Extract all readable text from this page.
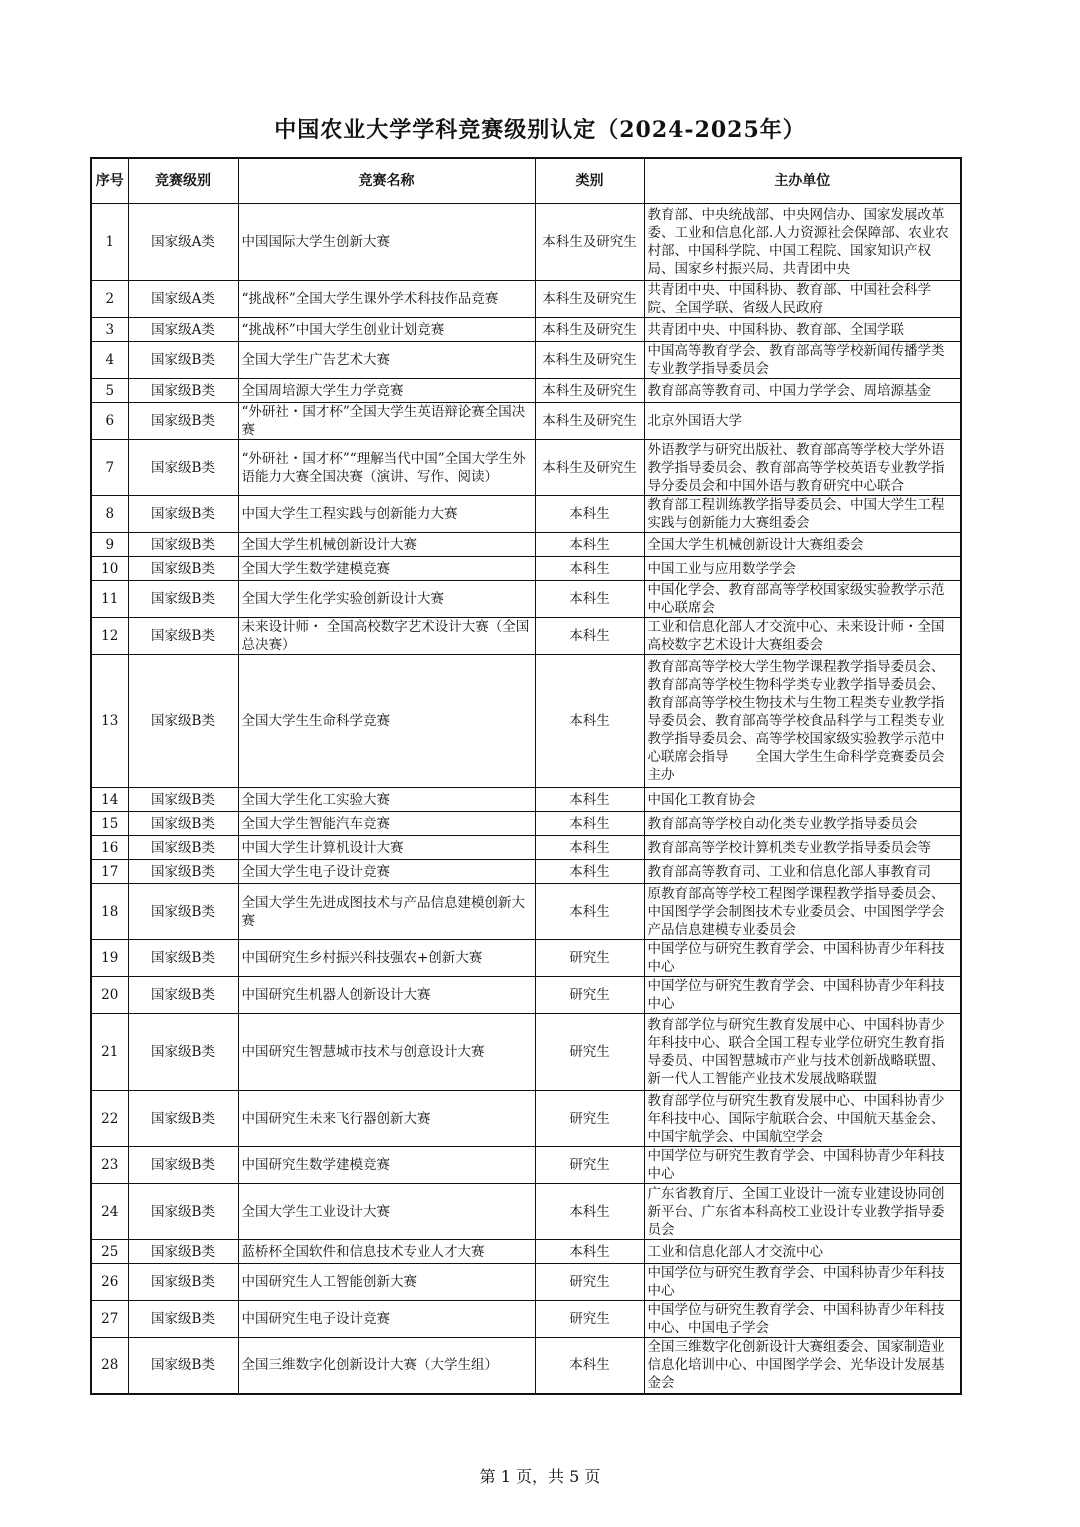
中国农业大学学科竞赛级别认定（2024-2025年）
序号	竞赛级别	竞赛名称	类别	主办单位
1	国家级A类	中国国际大学生创新大赛	本科生及研究生	教育部、中央统战部、中央网信办、国家发展改革委、工业和信息化部.人力资源社会保障部、农业农村部、中国科学院、中国工程院、国家知识产权局、国家乡村振兴局、共青团中央
2	国家级A类	“挑战杯”全国大学生课外学术科技作品竞赛	本科生及研究生	共青团中央、中国科协、教育部、中国社会科学院、全国学联、省级人民政府
3	国家级A类	“挑战杯”中国大学生创业计划竞赛	本科生及研究生	共青团中央、中国科协、教育部、全国学联
4	国家级B类	全国大学生广告艺术大赛	本科生及研究生	中国高等教育学会、教育部高等学校新闻传播学类专业教学指导委员会
5	国家级B类	全国周培源大学生力学竞赛	本科生及研究生	教育部高等教育司、中国力学学会、周培源基金
6	国家级B类	“外研社・国才杯”全国大学生英语辩论赛全国决赛	本科生及研究生	北京外国语大学
7	国家级B类	“外研社・国才杯”“理解当代中国”全国大学生外语能力大赛全国决赛（演讲、写作、阅读）	本科生及研究生	外语教学与研究出版社、教育部高等学校大学外语教学指导委员会、教育部高等学校英语专业教学指导分委员会和中国外语与教育研究中心联合
8	国家级B类	中国大学生工程实践与创新能力大赛	本科生	教育部工程训练教学指导委员会、中国大学生工程实践与创新能力大赛组委会
9	国家级B类	全国大学生机械创新设计大赛	本科生	全国大学生机械创新设计大赛组委会
10	国家级B类	全国大学生数学建模竞赛	本科生	中国工业与应用数学学会
11	国家级B类	全国大学生化学实验创新设计大赛	本科生	中国化学会、教育部高等学校国家级实验教学示范中心联席会
12	国家级B类	未来设计师・ 全国高校数字艺术设计大赛（全国总决赛）	本科生	工业和信息化部人才交流中心、未来设计师・全国高校数字艺术设计大赛组委会
13	国家级B类	全国大学生生命科学竞赛	本科生	教育部高等学校大学生物学课程教学指导委员会、教育部高等学校生物科学类专业教学指导委员会、教育部高等学校生物技术与生物工程类专业教学指导委员会、教育部高等学校食品科学与工程类专业教学指导委员会、高等学校国家级实验教学示范中心联席会指导　　全国大学生生命科学竞赛委员会主办
14	国家级B类	全国大学生化工实验大赛	本科生	中国化工教育协会
15	国家级B类	全国大学生智能汽车竞赛	本科生	教育部高等学校自动化类专业教学指导委员会
16	国家级B类	中国大学生计算机设计大赛	本科生	教育部高等学校计算机类专业教学指导委员会等
17	国家级B类	全国大学生电子设计竞赛	本科生	教育部高等教育司、工业和信息化部人事教育司
18	国家级B类	全国大学生先进成图技术与产品信息建模创新大赛	本科生	原教育部高等学校工程图学课程教学指导委员会、中国图学学会制图技术专业委员会、中国图学学会产品信息建模专业委员会
19	国家级B类	中国研究生乡村振兴科技强农+创新大赛	研究生	中国学位与研究生教育学会、中国科协青少年科技中心
20	国家级B类	中国研究生机器人创新设计大赛	研究生	中国学位与研究生教育学会、中国科协青少年科技中心
21	国家级B类	中国研究生智慧城市技术与创意设计大赛	研究生	教育部学位与研究生教育发展中心、中国科协青少年科技中心、联合全国工程专业学位研究生教育指导委员、中国智慧城市产业与技术创新战略联盟、新一代人工智能产业技术发展战略联盟
22	国家级B类	中国研究生未来飞行器创新大赛	研究生	教育部学位与研究生教育发展中心、中国科协青少年科技中心、国际宇航联合会、中国航天基金会、中国宇航学会、中国航空学会
23	国家级B类	中国研究生数学建模竞赛	研究生	中国学位与研究生教育学会、中国科协青少年科技中心
24	国家级B类	全国大学生工业设计大赛	本科生	广东省教育厅、全国工业设计一流专业建设协同创新平台、广东省本科高校工业设计专业教学指导委员会
25	国家级B类	蓝桥杯全国软件和信息技术专业人才大赛	本科生	工业和信息化部人才交流中心
26	国家级B类	中国研究生人工智能创新大赛	研究生	中国学位与研究生教育学会、中国科协青少年科技中心
27	国家级B类	中国研究生电子设计竞赛	研究生	中国学位与研究生教育学会、中国科协青少年科技中心、中国电子学会
28	国家级B类	全国三维数字化创新设计大赛（大学生组）	本科生	全国三维数字化创新设计大赛组委会、国家制造业信息化培训中心、中国图学学会、光华设计发展基金会
第 1 页，共 5 页
